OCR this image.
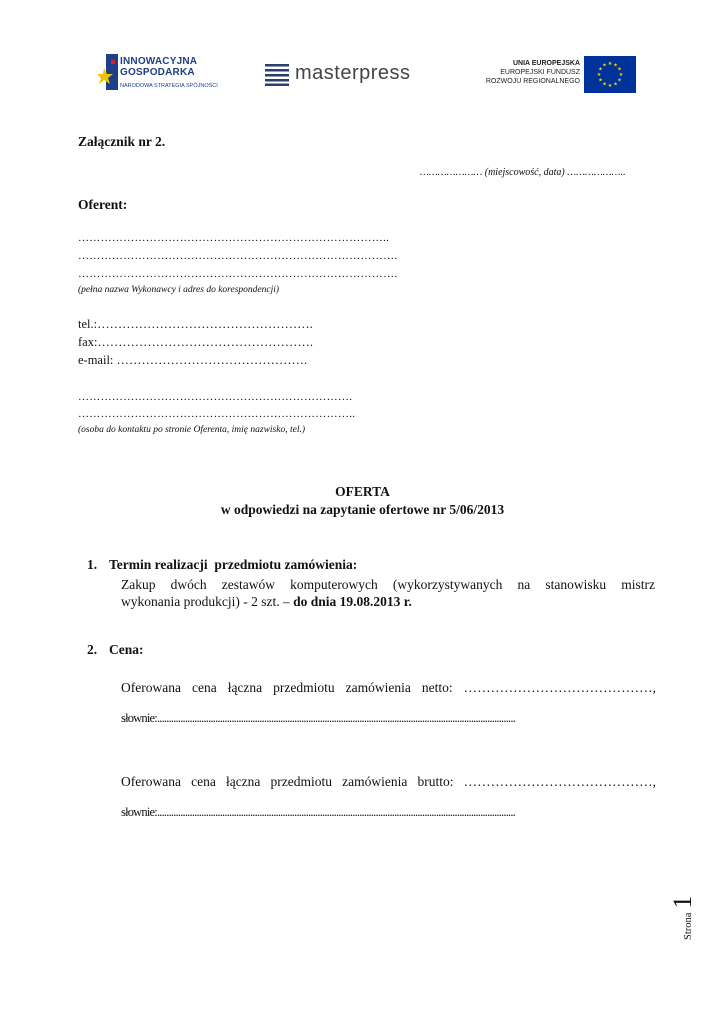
INNOWACYJNA
GOSPODARKA
NARODOWA STRATEGIA SPÓJNOŚCI
masterpress	UNIA EUROPEJSKA
EUROPEJSKI FUNDUSZ
ROZWOJU REGIONALNEGO
★ ★
★
★
★
★
★
★
★
★
★
★
Załącznik nr 2.
………………… (miejscowość, data) ………………..
Oferent:
………………………………………………………………………..
………………………………………………………………………….
………………………………………………………………………….
(pełna nazwa Wykonawcy i adres do korespondencji)
tel.:…………………………………………….
fax:…………………………………………….
e-mail: ……………………………………….
……………………………………………………………….
………………………………………………………………..
(osoba do kontaktu po stronie Oferenta, imię nazwisko, tel.)
OFERTA
w odpowiedzi na zapytanie ofertowe nr 5/06/2013
1. Termin realizacji  przedmiotu zamówienia:
Zakup dwóch zestawów komputerowych (wykorzystywanych na stanowisku mistrz
wykonania produkcji) - 2 szt. – do dnia 19.08.2013 r.
2. Cena:
Oferowana cena łączna przedmiotu zamówienia netto: ……………………………………,
słownie:..........................................................................................................................................................
Oferowana cena łączna przedmiotu zamówienia brutto: ……………………………………,
słownie:..........................................................................................................................................................
Strona 1
